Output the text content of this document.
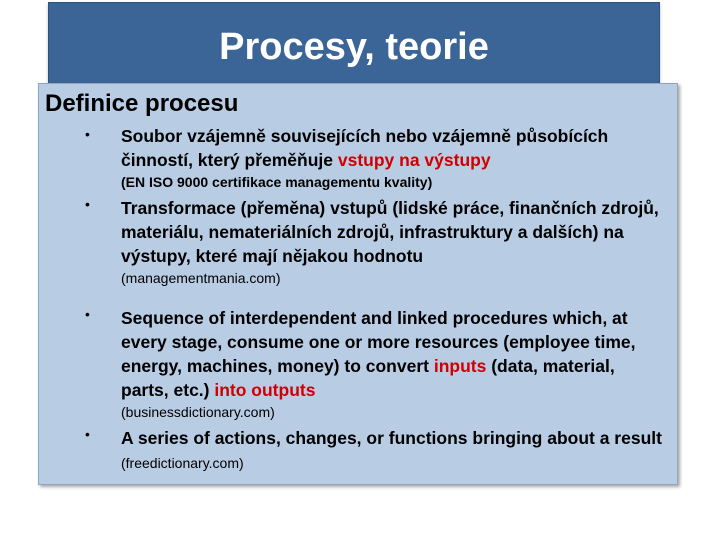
Procesy, teorie
Definice procesu
• Soubor vzájemně souvisejících nebo vzájemně působících činností, který přeměňuje vstupy na výstupy
(EN ISO 9000 certifikace managementu kvality)
• Transformace (přeměna) vstupů (lidské práce, finančních zdrojů, materiálu, nemateriálních zdrojů, infrastruktury a dalších) na výstupy, které mají nějakou hodnotu
(managementmania.com)
• Sequence of interdependent and linked procedures which, at every stage, consume one or more resources (employee time, energy, machines, money) to convert inputs (data, material, parts, etc.) into outputs
(businessdictionary.com)
• A series of actions, changes, or functions bringing about a result (freedictionary.com)
